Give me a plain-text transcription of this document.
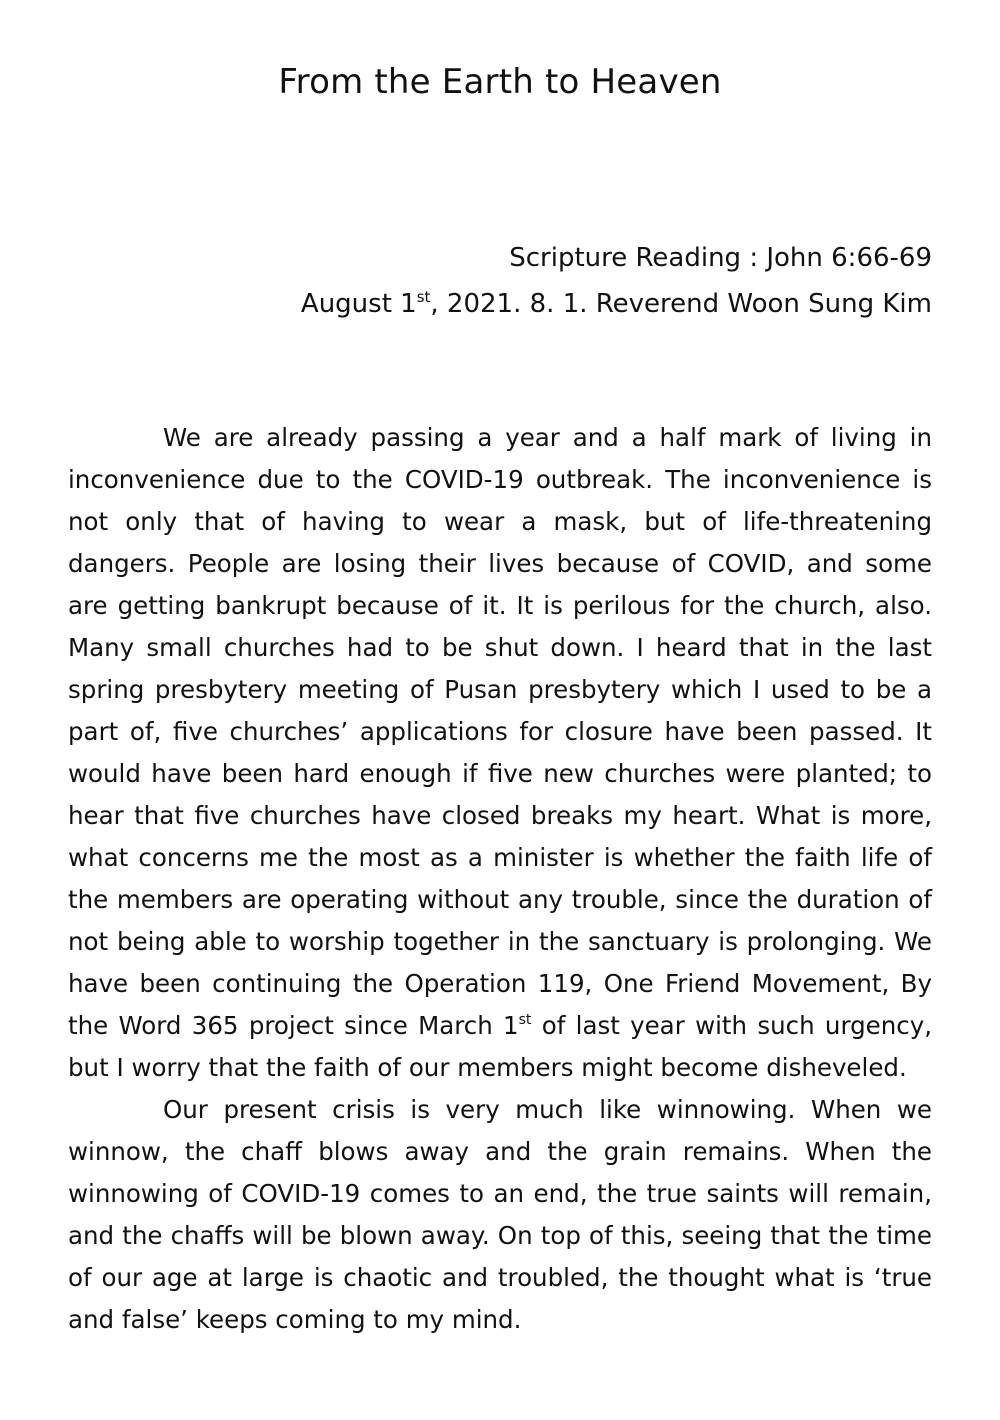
From the Earth to Heaven
Scripture Reading : John 6:66-69
August 1st, 2021. 8. 1. Reverend Woon Sung Kim

We are already passing a year and a half mark of living in inconvenience due to the COVID-19 outbreak. The inconvenience is not only that of having to wear a mask, but of life-threatening dangers. People are losing their lives because of COVID, and some are getting bankrupt because of it. It is perilous for the church, also. Many small churches had to be shut down. I heard that in the last spring presbytery meeting of Pusan presbytery which I used to be a part of, five churches’ applications for closure have been passed. It would have been hard enough if five new churches were planted; to hear that five churches have closed breaks my heart. What is more, what concerns me the most as a minister is whether the faith life of the members are operating without any trouble, since the duration of not being able to worship together in the sanctuary is prolonging. We have been continuing the Operation 119, One Friend Movement, By the Word 365 project since March 1st of last year with such urgency, but I worry that the faith of our members might become disheveled.

Our present crisis is very much like winnowing. When we winnow, the chaff blows away and the grain remains. When the winnowing of COVID-19 comes to an end, the true saints will remain, and the chaffs will be blown away. On top of this, seeing that the time of our age at large is chaotic and troubled, the thought what is ‘true and false’ keeps coming to my mind.
